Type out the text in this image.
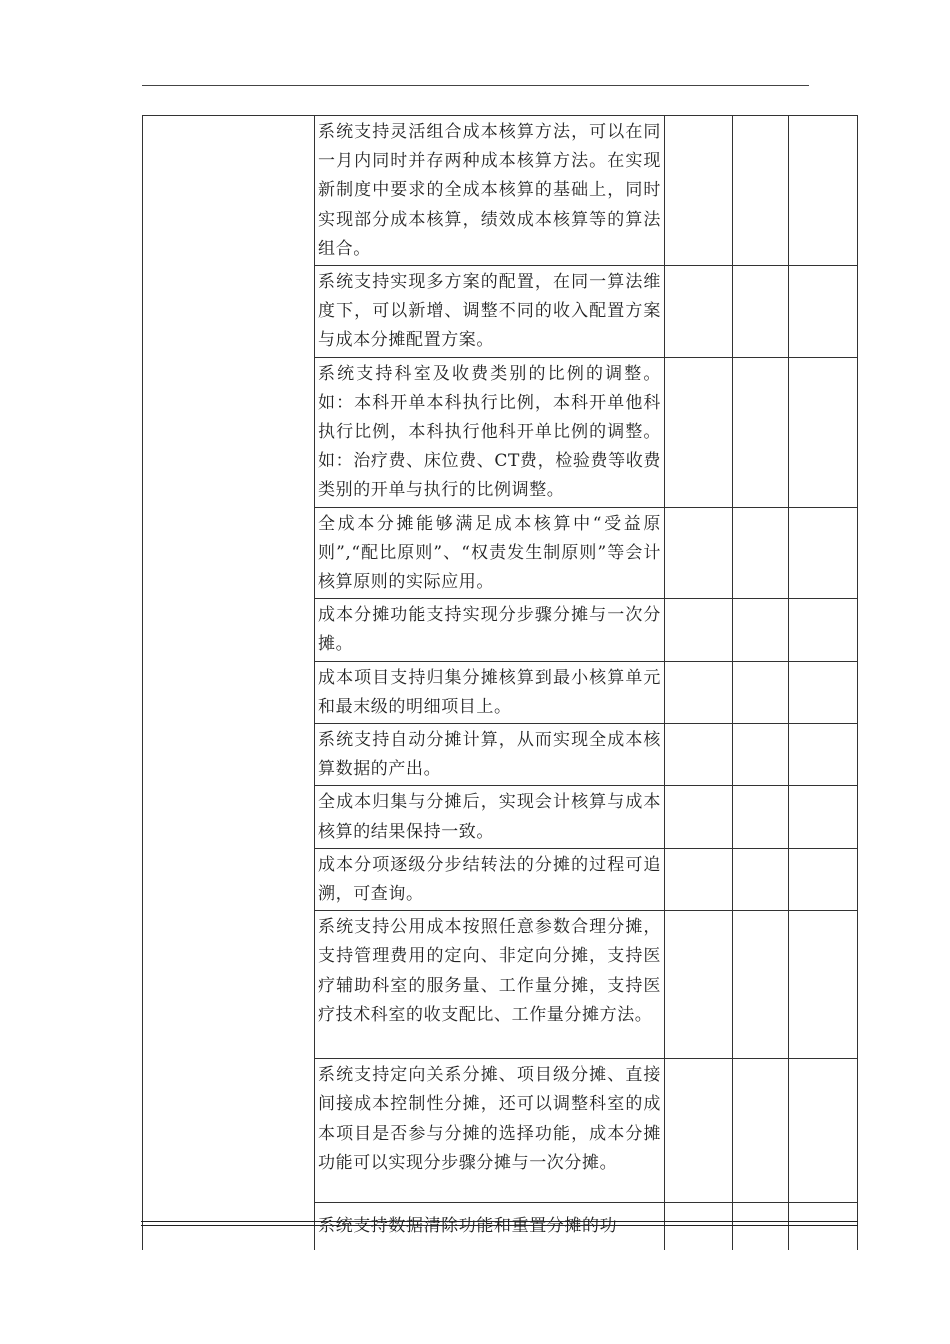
	系统支持灵活组合成本核算方法，可以在同一月内同时并存两种成本核算方法。在实现新制度中要求的全成本核算的基础上，同时实现部分成本核算，绩效成本核算等的算法组合。			
	系统支持实现多方案的配置，在同一算法维度下，可以新增、调整不同的收入配置方案与成本分摊配置方案。			
	系统支持科室及收费类别的比例的调整。如：本科开单本科执行比例，本科开单他科执行比例，本科执行他科开单比例的调整。如：治疗费、床位费、CT费，检验费等收费类别的开单与执行的比例调整。			
	全成本分摊能够满足成本核算中“受益原则”,“配比原则”、“权责发生制原则”等会计核算原则的实际应用。			
	成本分摊功能支持实现分步骤分摊与一次分摊。			
	成本项目支持归集分摊核算到最小核算单元和最末级的明细项目上。			
	系统支持自动分摊计算，从而实现全成本核算数据的产出。			
	全成本归集与分摊后，实现会计核算与成本核算的结果保持一致。			
	成本分项逐级分步结转法的分摊的过程可追溯，可查询。			
	系统支持公用成本按照任意参数合理分摊，支持管理费用的定向、非定向分摊，支持医疗辅助科室的服务量、工作量分摊，支持医疗技术科室的收支配比、工作量分摊方法。			
	系统支持定向关系分摊、项目级分摊、直接间接成本控制性分摊，还可以调整科室的成本项目是否参与分摊的选择功能，成本分摊功能可以实现分步骤分摊与一次分摊。			
	系统支持数据清除功能和重置分摊的功			
